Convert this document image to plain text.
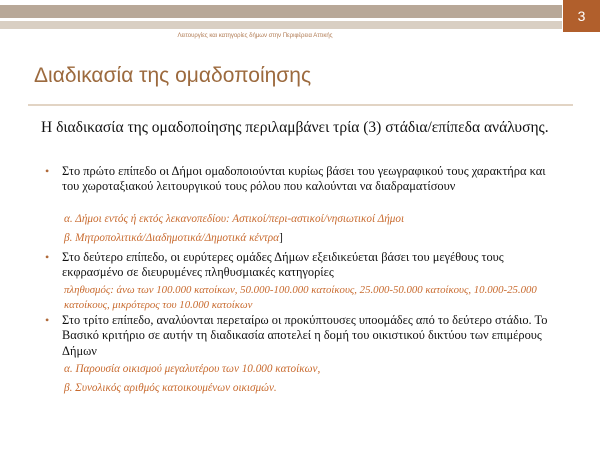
3
Λειτουργίες και κατηγορίες δήμων στην Περιφέρεια Αττικής
Διαδικασία της ομαδοποίησης
Η διαδικασία της ομαδοποίησης περιλαμβάνει τρία (3) στάδια/επίπεδα ανάλυσης.
•	Στο πρώτο επίπεδο οι Δήμοι ομαδοποιούνται κυρίως βάσει του γεωγραφικού τους χαρακτήρα και του χωροταξιακού λειτουργικού τους ρόλου που καλούνται να διαδραματίσουν
α. Δήμοι εντός ή εκτός λεκανοπεδίου: Αστικοί/περι-αστικοί/νησιωτικοί Δήμοι
β. Μητροπολιτικά/Διαδημοτικά/Δημοτικά κέντρα]
•	Στο δεύτερο επίπεδο, οι ευρύτερες ομάδες Δήμων εξειδικεύεται βάσει του μεγέθους τους εκφρασμένο σε διευρυμένες πληθυσμιακές κατηγορίες
πληθυσμός: άνω των 100.000 κατοίκων, 50.000-100.000 κατοίκους, 25.000-50.000 κατοίκους, 10.000-25.000 κατοίκους, μικρότερος του 10.000 κατοίκων
•	Στο τρίτο επίπεδο, αναλύονται περεταίρω οι προκύπτουσες υποομάδες από το δεύτερο στάδιο. Το Βασικό κριτήριο σε αυτήν τη διαδικασία αποτελεί η δομή του οικιστικού δικτύου των επιμέρους Δήμων
α. Παρουσία οικισμού μεγαλυτέρου των 10.000 κατοίκων,
β. Συνολικός αριθμός κατοικουμένων οικισμών.
